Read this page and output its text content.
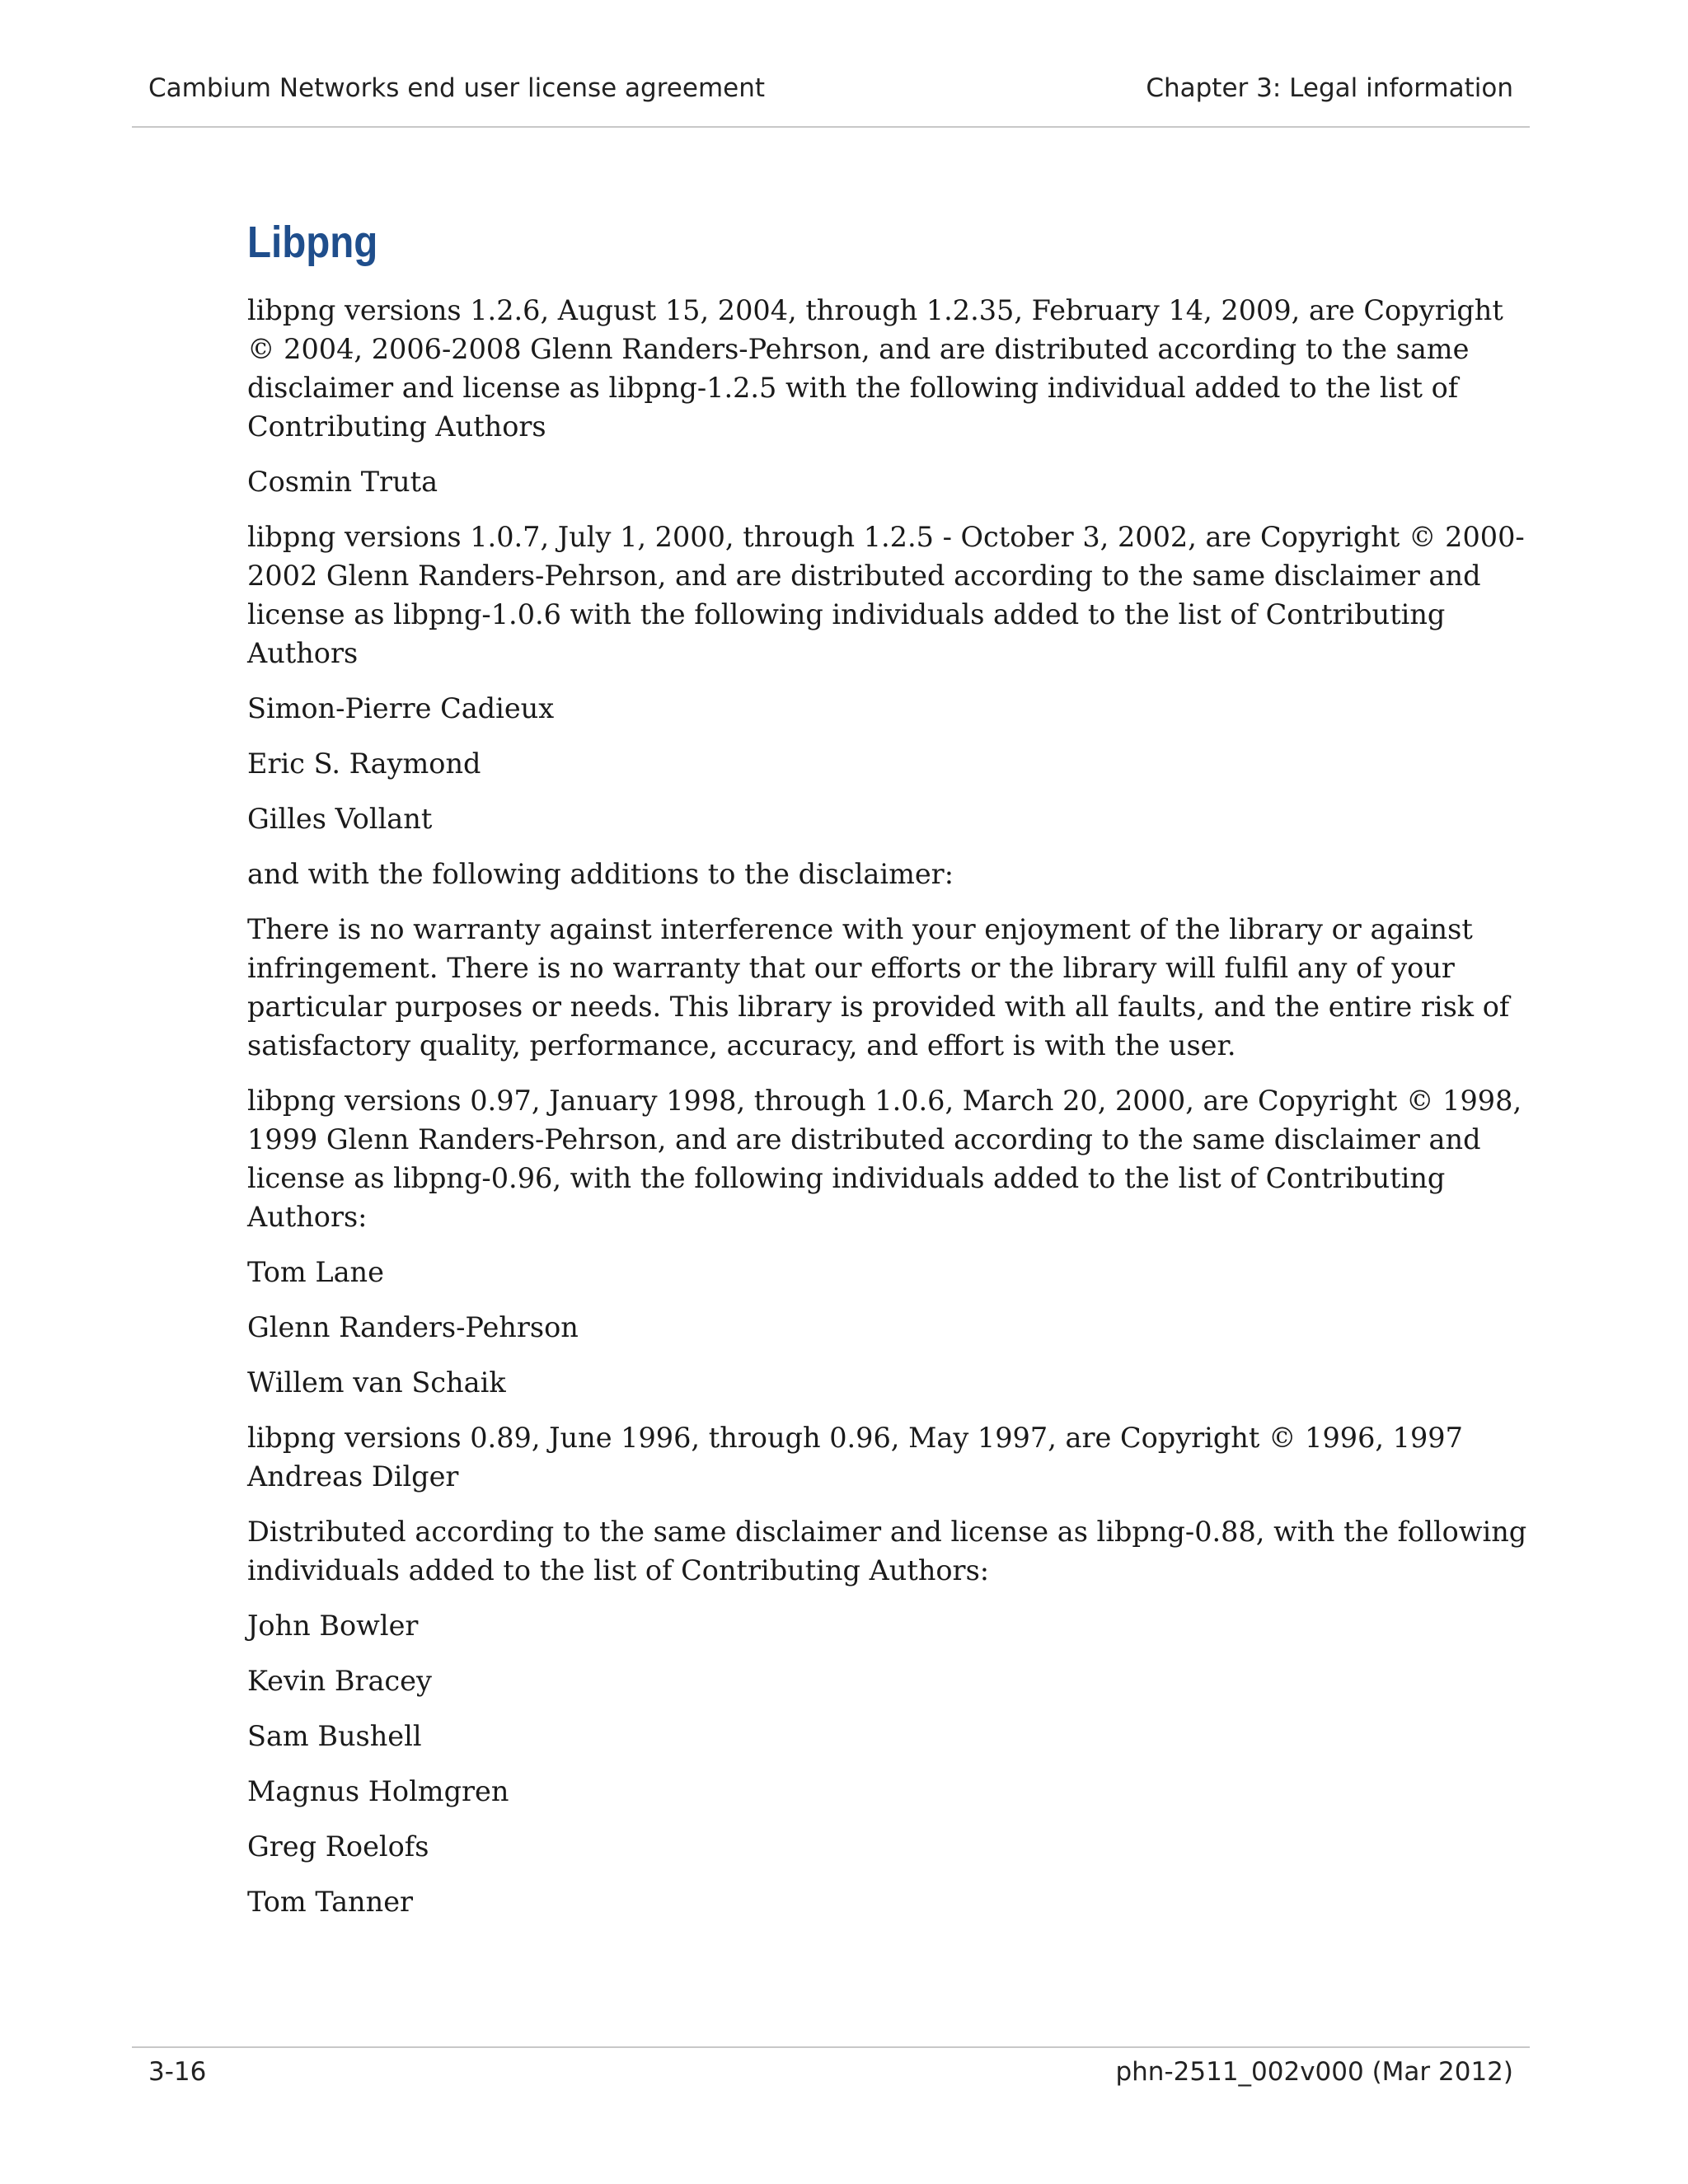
Cambium Networks end user license agreement	Chapter 3: Legal information
Libpng

libpng versions 1.2.6, August 15, 2004, through 1.2.35, February 14, 2009, are Copyright © 2004, 2006-2008 Glenn Randers-Pehrson, and are distributed according to the same disclaimer and license as libpng-1.2.5 with the following individual added to the list of Contributing Authors

Cosmin Truta

libpng versions 1.0.7, July 1, 2000, through 1.2.5 - October 3, 2002, are Copyright © 2000-2002 Glenn Randers-Pehrson, and are distributed according to the same disclaimer and license as libpng-1.0.6 with the following individuals added to the list of Contributing Authors

Simon-Pierre Cadieux

Eric S. Raymond

Gilles Vollant

and with the following additions to the disclaimer:

There is no warranty against interference with your enjoyment of the library or against infringement. There is no warranty that our efforts or the library will fulfil any of your particular purposes or needs. This library is provided with all faults, and the entire risk of satisfactory quality, performance, accuracy, and effort is with the user.

libpng versions 0.97, January 1998, through 1.0.6, March 20, 2000, are Copyright © 1998, 1999 Glenn Randers-Pehrson, and are distributed according to the same disclaimer and license as libpng-0.96, with the following individuals added to the list of Contributing Authors:

Tom Lane

Glenn Randers-Pehrson

Willem van Schaik

libpng versions 0.89, June 1996, through 0.96, May 1997, are Copyright © 1996, 1997 Andreas Dilger

Distributed according to the same disclaimer and license as libpng-0.88, with the following individuals added to the list of Contributing Authors:

John Bowler

Kevin Bracey

Sam Bushell

Magnus Holmgren

Greg Roelofs

Tom Tanner

3-16	phn-2511_002v000 (Mar 2012)
